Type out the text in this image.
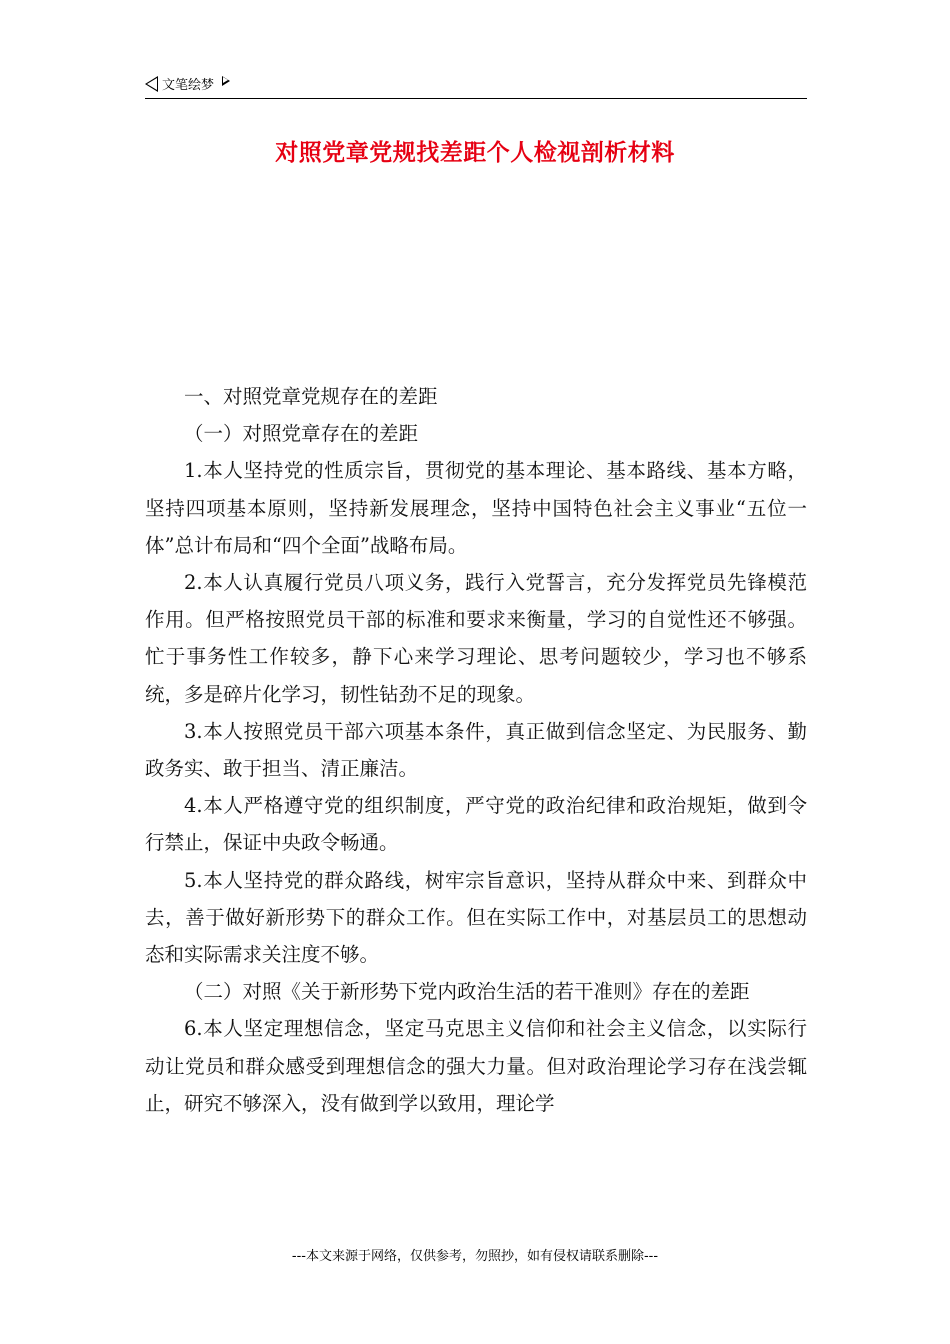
文笔绘梦
对照党章党规找差距个人检视剖析材料

一、对照党章党规存在的差距

（一）对照党章存在的差距

1.本人坚持党的性质宗旨，贯彻党的基本理论、基本路线、基本方略，坚持四项基本原则，坚持新发展理念，坚持中国特色社会主义事业“五位一体”总计布局和“四个全面”战略布局。

2.本人认真履行党员八项义务，践行入党誓言，充分发挥党员先锋模范作用。但严格按照党员干部的标准和要求来衡量，学习的自觉性还不够强。忙于事务性工作较多，静下心来学习理论、思考问题较少，学习也不够系统，多是碎片化学习，韧性钻劲不足的现象。

3.本人按照党员干部六项基本条件，真正做到信念坚定、为民服务、勤政务实、敢于担当、清正廉洁。

4.本人严格遵守党的组织制度，严守党的政治纪律和政治规矩，做到令行禁止，保证中央政令畅通。

5.本人坚持党的群众路线，树牢宗旨意识，坚持从群众中来、到群众中去，善于做好新形势下的群众工作。但在实际工作中，对基层员工的思想动态和实际需求关注度不够。

（二）对照《关于新形势下党内政治生活的若干准则》存在的差距

6.本人坚定理想信念，坚定马克思主义信仰和社会主义信念，以实际行动让党员和群众感受到理想信念的强大力量。但对政治理论学习存在浅尝辄止，研究不够深入，没有做到学以致用，理论学

---本文来源于网络，仅供参考，勿照抄，如有侵权请联系删除---
